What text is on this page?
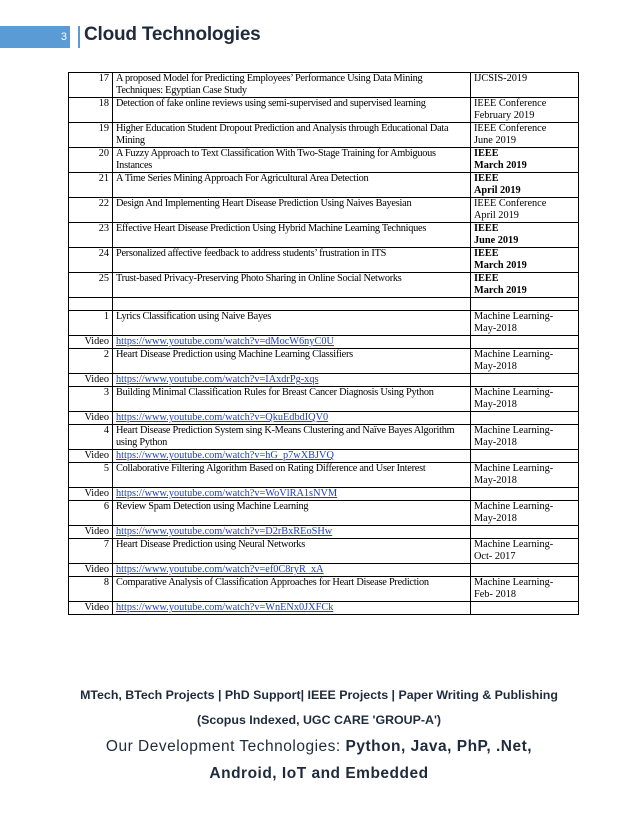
3 Cloud Technologies
17	A proposed Model for Predicting Employees’ Performance Using Data Mining Techniques: Egyptian Case Study	IJCSIS-2019

18	Detection of fake online reviews using semi-supervised and supervised learning	IEEE Conference
February 2019

19	Higher Education Student Dropout Prediction and Analysis through Educational Data Mining	IEEE Conference
June 2019

20	A Fuzzy Approach to Text Classification With Two-Stage Training for Ambiguous Instances	IEEE
March 2019

21	A Time Series Mining Approach For Agricultural Area Detection	IEEE
April 2019

22	Design And Implementing Heart Disease Prediction Using Naives Bayesian	IEEE Conference
April 2019

23	Effective Heart Disease Prediction Using Hybrid Machine Learning Techniques	IEEE
June 2019

24	Personalized affective feedback to address students’ frustration in ITS	IEEE
March 2019

25	Trust-based Privacy-Preserving Photo Sharing in Online Social Networks	IEEE
March 2019

1	Lyrics Classification using Naive Bayes	Machine Learning-
May-2018

Video	https://www.youtube.com/watch?v=dMocW6nyC0U	
2	Heart Disease Prediction using Machine Learning Classifiers	Machine Learning-
May-2018

Video	https://www.youtube.com/watch?v=IAxdrPg-xqs	
3	Building Minimal Classification Rules for Breast Cancer Diagnosis Using Python	Machine Learning-
May-2018

Video	https://www.youtube.com/watch?v=QkuEdbdIQV0	
4	Heart Disease Prediction System sing K-Means Clustering and Naïve Bayes Algorithm using Python	Machine Learning-
May-2018

Video	https://www.youtube.com/watch?v=hG_p7wXBJVQ	
5	Collaborative Filtering Algorithm Based on Rating Difference and User Interest	Machine Learning-
May-2018

Video	https://www.youtube.com/watch?v=WoVlRA1sNVM	
6	Review Spam Detection using Machine Learning	Machine Learning-
May-2018

Video	https://www.youtube.com/watch?v=D2rBxREoSHw	
7	Heart Disease Prediction using Neural Networks	Machine Learning-
Oct- 2017

Video	https://www.youtube.com/watch?v=ef0C8ryR_xA	
8	Comparative Analysis of Classification Approaches for Heart Disease Prediction	Machine Learning-
Feb- 2018

Video	https://www.youtube.com/watch?v=WnENx0JXFCk	
MTech, BTech Projects | PhD Support| IEEE Projects | Paper Writing & Publishing
(Scopus Indexed, UGC CARE 'GROUP-A')
Our Development Technologies: Python, Java, PhP, .Net,
Android, IoT and Embedded
